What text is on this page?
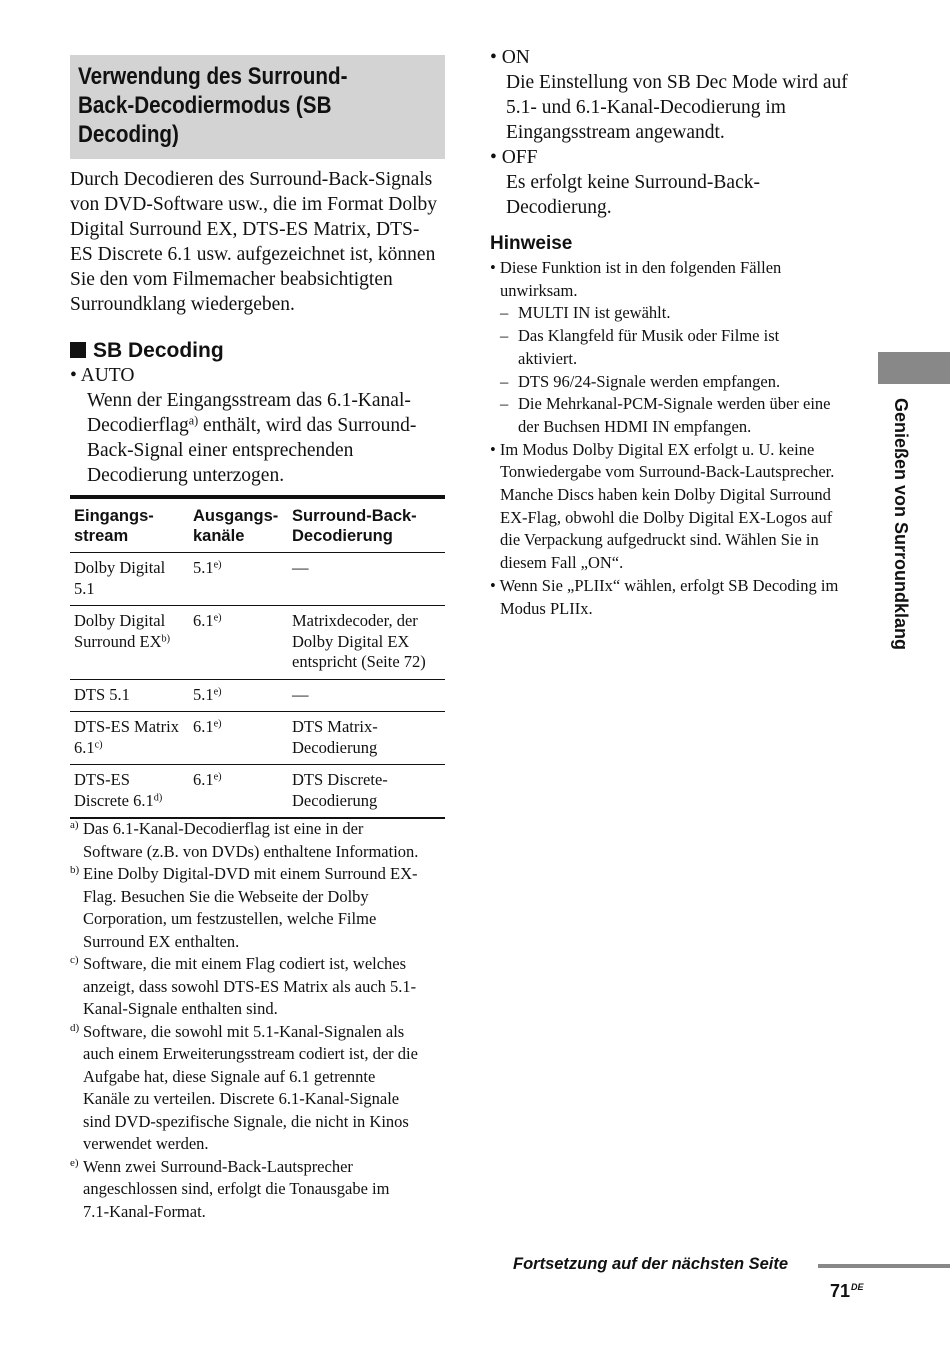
Verwendung des Surround-
Back-Decodiermodus (SB
Decoding)
Durch Decodieren des Surround-Back-Signals
von DVD-Software usw., die im Format Dolby
Digital Surround EX, DTS-ES Matrix, DTS-
ES Discrete 6.1 usw. aufgezeichnet ist, können
Sie den vom Filmemacher beabsichtigten
Surroundklang wiedergeben.
SB Decoding
• AUTO
Wenn der Eingangsstream das 6.1-Kanal-
Decodierflag$^{a)}$ enthält, wird das Surround-
Back-Signal einer entsprechenden
Decodierung unterzogen.
Eingangs-
stream	Ausgangs-
kanäle	Surround-Back-
Decodierung
Dolby Digital
5.1	5.1$^{e)}$	—
Dolby Digital
Surround EX$^{b)}$	6.1$^{e)}$	Matrixdecoder, der
Dolby Digital EX
entspricht (Seite 72)
DTS 5.1	5.1$^{e)}$	—
DTS-ES Matrix
6.1$^{c)}$	6.1$^{e)}$	DTS Matrix-
Decodierung
DTS-ES
Discrete 6.1$^{d)}$	6.1$^{e)}$	DTS Discrete-
Decodierung
a) Das 6.1-Kanal-Decodierflag ist eine in der
Software (z.B. von DVDs) enthaltene Information.
b) Eine Dolby Digital-DVD mit einem Surround EX-
Flag. Besuchen Sie die Webseite der Dolby
Corporation, um festzustellen, welche Filme
Surround EX enthalten.
c) Software, die mit einem Flag codiert ist, welches
anzeigt, dass sowohl DTS-ES Matrix als auch 5.1-
Kanal-Signale enthalten sind.
d) Software, die sowohl mit 5.1-Kanal-Signalen als
auch einem Erweiterungsstream codiert ist, der die
Aufgabe hat, diese Signale auf 6.1 getrennte
Kanäle zu verteilen. Discrete 6.1-Kanal-Signale
sind DVD-spezifische Signale, die nicht in Kinos
verwendet werden.
e) Wenn zwei Surround-Back-Lautsprecher
angeschlossen sind, erfolgt die Tonausgabe im
7.1-Kanal-Format.
• ON
Die Einstellung von SB Dec Mode wird auf
5.1- und 6.1-Kanal-Decodierung im
Eingangsstream angewandt.
• OFF
Es erfolgt keine Surround-Back-
Decodierung.
Hinweise
• Diese Funktion ist in den folgenden Fällen
unwirksam.
– MULTI IN ist gewählt.
– Das Klangfeld für Musik oder Filme ist
aktiviert.
– DTS 96/24-Signale werden empfangen.
– Die Mehrkanal-PCM-Signale werden über eine
der Buchsen HDMI IN empfangen.
• Im Modus Dolby Digital EX erfolgt u. U. keine
Tonwiedergabe vom Surround-Back-Lautsprecher.
Manche Discs haben kein Dolby Digital Surround
EX-Flag, obwohl die Dolby Digital EX-Logos auf
die Verpackung aufgedruckt sind. Wählen Sie in
diesem Fall „ON“.
• Wenn Sie „PLIIx“ wählen, erfolgt SB Decoding im
Modus PLIIx.	Genießen von Surroundklang
Fortsetzung auf der nächsten Seite
71DE
